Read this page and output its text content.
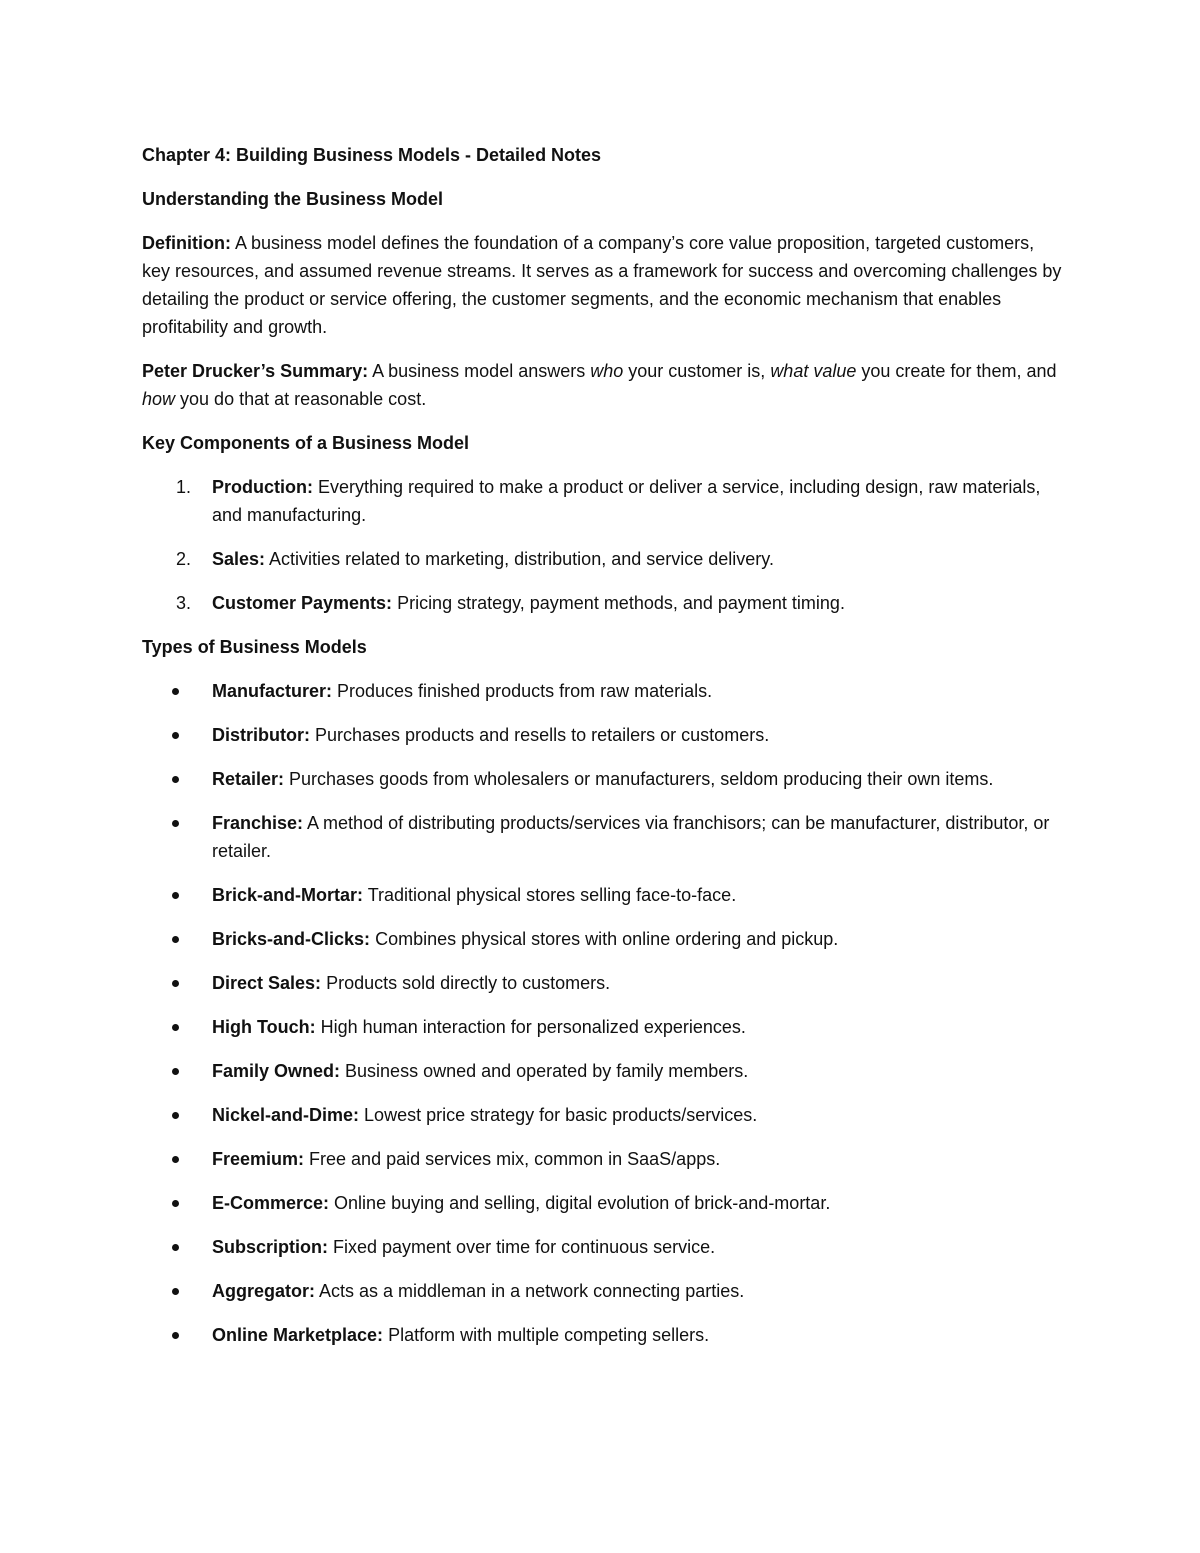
Chapter 4: Building Business Models - Detailed Notes

Understanding the Business Model

Definition: A business model defines the foundation of a company’s core value proposition, targeted customers, key resources, and assumed revenue streams. It serves as a framework for success and overcoming challenges by detailing the product or service offering, the customer segments, and the economic mechanism that enables profitability and growth.

Peter Drucker’s Summary: A business model answers who your customer is, what value you create for them, and how you do that at reasonable cost.

Key Components of a Business Model

1. Production: Everything required to make a product or deliver a service, including design, raw materials, and manufacturing.
2. Sales: Activities related to marketing, distribution, and service delivery.
3. Customer Payments: Pricing strategy, payment methods, and payment timing.

Types of Business Models

Manufacturer: Produces finished products from raw materials.
Distributor: Purchases products and resells to retailers or customers.
Retailer: Purchases goods from wholesalers or manufacturers, seldom producing their own items.
Franchise: A method of distributing products/services via franchisors; can be manufacturer, distributor, or retailer.
Brick-and-Mortar: Traditional physical stores selling face-to-face.
Bricks-and-Clicks: Combines physical stores with online ordering and pickup.
Direct Sales: Products sold directly to customers.
High Touch: High human interaction for personalized experiences.
Family Owned: Business owned and operated by family members.
Nickel-and-Dime: Lowest price strategy for basic products/services.
Freemium: Free and paid services mix, common in SaaS/apps.
E-Commerce: Online buying and selling, digital evolution of brick-and-mortar.
Subscription: Fixed payment over time for continuous service.
Aggregator: Acts as a middleman in a network connecting parties.
Online Marketplace: Platform with multiple competing sellers.
